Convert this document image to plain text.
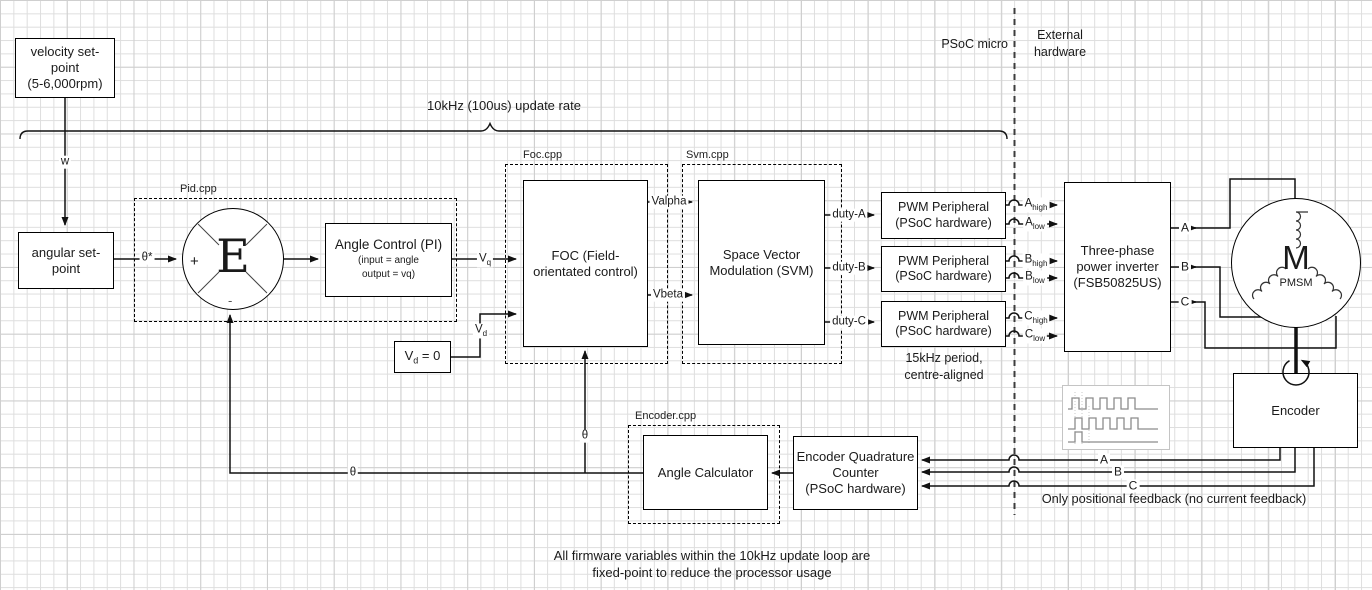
Pid.cpp
Foc.cpp	Svm.cpp
Encoder.cpp
velocity set-
point
(5-6,000rpm)
angular set-
point	E
+
-
Angle Control (PI)
(input = angle
output = vq)
$V_d = 0$
FOC (Field-
orientated control)
Space Vector
Modulation (SVM)
PWM Peripheral
(PSoC hardware)
PWM Peripheral
(PSoC hardware)
PWM Peripheral
(PSoC hardware)
Three-phase
power inverter
(FSB50825US)
M
PMSM
Encoder
Encoder Quadrature
Counter
(PSoC hardware)
Angle Calculator
w
θ*	$V_q$
$V_d$
Valpha
Vbeta
duty-A
duty-B
duty-C
$A_{high}$
$A_{low}$
$B_{high}$
$B_{low}$
$C_{high}$
$C_{low}$
A
B
C
θ
θ
A
B
C
10kHz (100us) update rate
PSoC micro
External
hardware
15kHz period,
centre-aligned
Only positional feedback (no current feedback)
All firmware variables within the 10kHz update loop are
fixed-point to reduce the processor usage
